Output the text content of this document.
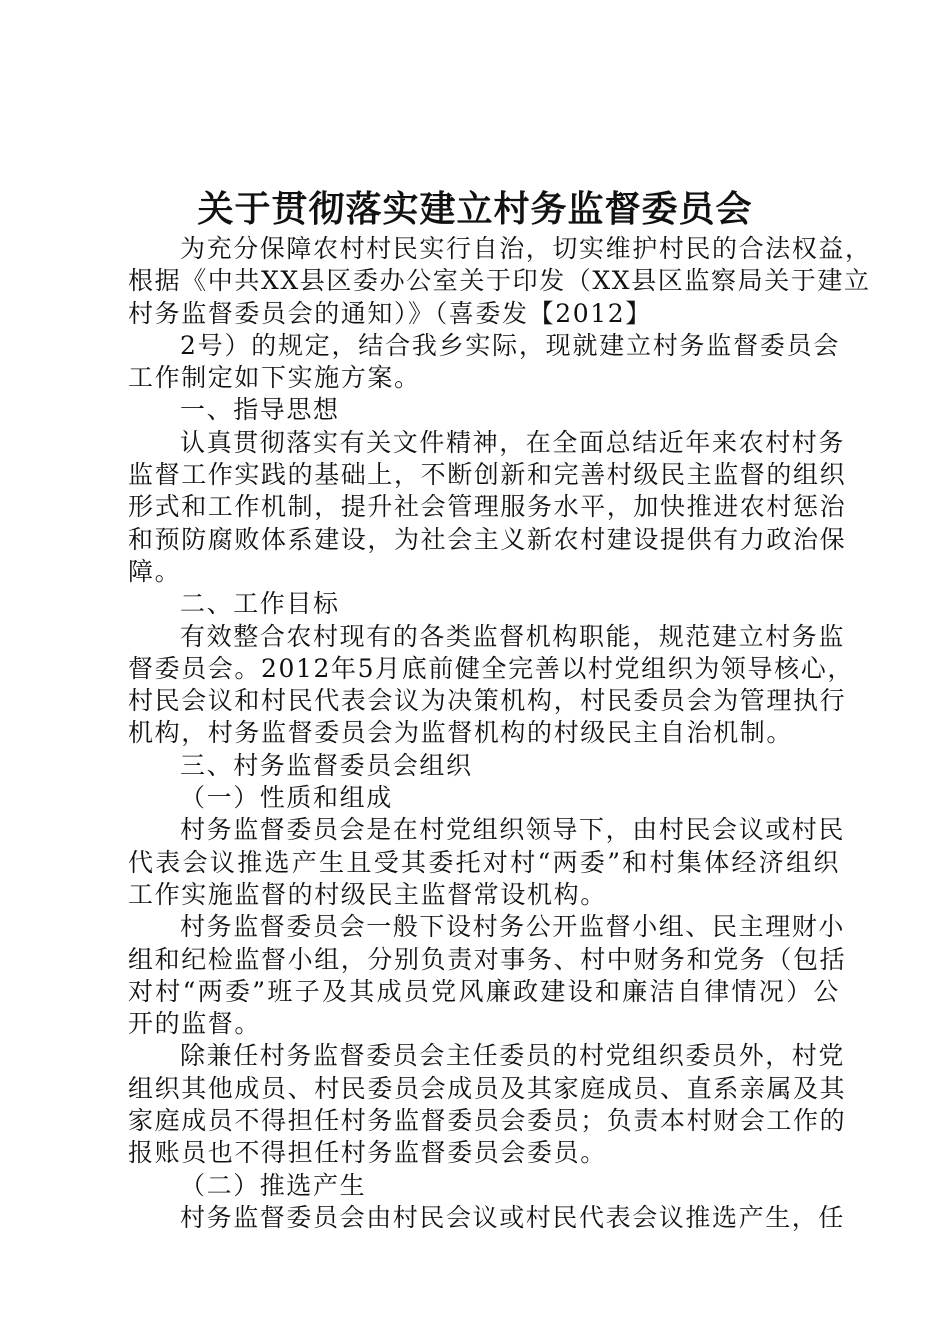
关于贯彻落实建立村务监督委员会
为充分保障农村村民实行自治，切实维护村民的合法权益，
根据《中共XX县区委办公室关于印发（XX县区监察局关于建立
村务监督委员会的通知）》（喜委发【2012】
2号）的规定，结合我乡实际，现就建立村务监督委员会
工作制定如下实施方案。
一、指导思想
认真贯彻落实有关文件精神，在全面总结近年来农村村务
监督工作实践的基础上，不断创新和完善村级民主监督的组织
形式和工作机制，提升社会管理服务水平，加快推进农村惩治
和预防腐败体系建设，为社会主义新农村建设提供有力政治保
障。
二、工作目标
有效整合农村现有的各类监督机构职能，规范建立村务监
督委员会。2012年5月底前健全完善以村党组织为领导核心，
村民会议和村民代表会议为决策机构，村民委员会为管理执行
机构，村务监督委员会为监督机构的村级民主自治机制。
三、村务监督委员会组织
（一）性质和组成
村务监督委员会是在村党组织领导下，由村民会议或村民
代表会议推选产生且受其委托对村“两委”和村集体经济组织
工作实施监督的村级民主监督常设机构。
村务监督委员会一般下设村务公开监督小组、民主理财小
组和纪检监督小组，分别负责对事务、村中财务和党务（包括
对村“两委”班子及其成员党风廉政建设和廉洁自律情况）公
开的监督。
除兼任村务监督委员会主任委员的村党组织委员外，村党
组织其他成员、村民委员会成员及其家庭成员、直系亲属及其
家庭成员不得担任村务监督委员会委员；负责本村财会工作的
报账员也不得担任村务监督委员会委员。
（二）推选产生
村务监督委员会由村民会议或村民代表会议推选产生，任
